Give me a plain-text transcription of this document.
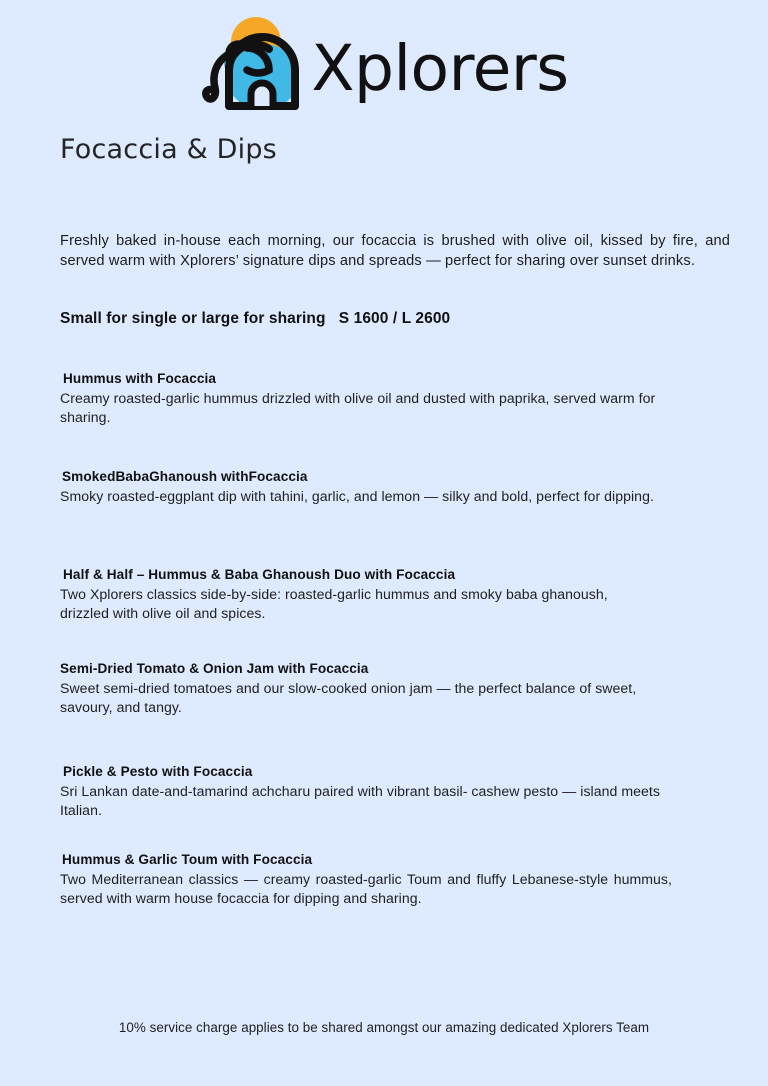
Xplorers
Focaccia & Dips
Freshly baked in-house each morning, our focaccia is brushed with olive oil, kissed by fire, and served warm with Xplorers’ signature dips and spreads — perfect for sharing over sunset drinks.
Small for single or large for sharing   S 1600 / L 2600
Hummus with Focaccia
Creamy roasted-garlic hummus drizzled with olive oil and dusted with paprika, served warm for sharing.
SmokedBabaGhanoush withFocaccia
Smoky roasted-eggplant dip with tahini, garlic, and lemon — silky and bold, perfect for dipping.
Half & Half – Hummus & Baba Ghanoush Duo with Focaccia
Two Xplorers classics side-by-side: roasted-garlic hummus and smoky baba ghanoush, drizzled with olive oil and spices.
Semi-Dried Tomato & Onion Jam with Focaccia
Sweet semi-dried tomatoes and our slow-cooked onion jam — the perfect balance of sweet, savoury, and tangy.
Pickle & Pesto with Focaccia
Sri Lankan date-and-tamarind achcharu paired with vibrant basil- cashew pesto — island meets Italian.
Hummus & Garlic Toum with Focaccia
Two Mediterranean classics — creamy roasted-garlic Toum and fluffy Lebanese-style hummus, served with warm house focaccia for dipping and sharing.
10% service charge applies to be shared amongst our amazing dedicated Xplorers Team
